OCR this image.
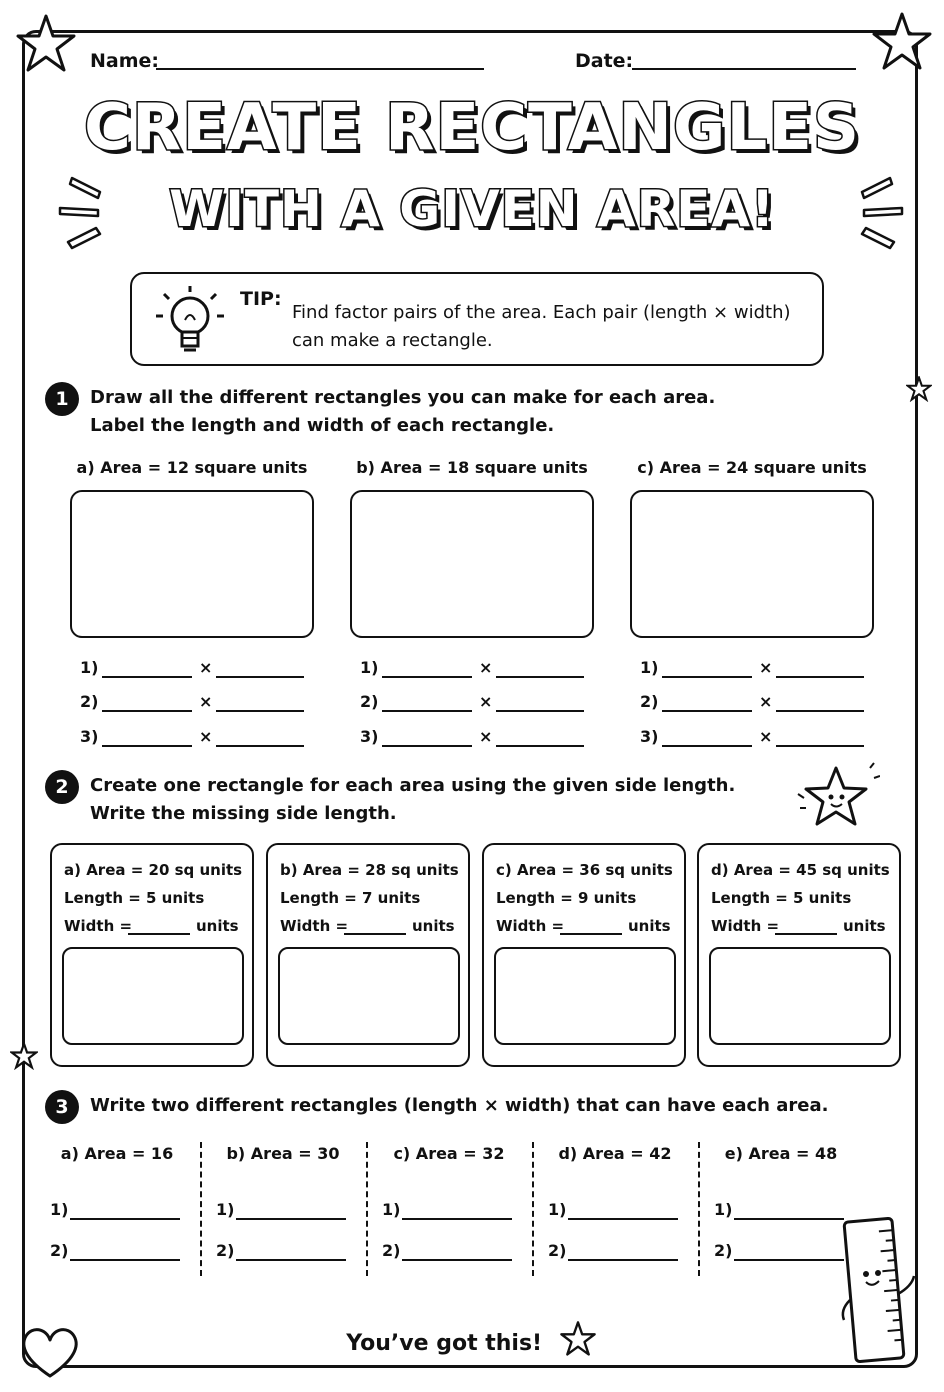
Name:	Date:
CREATE RECTANGLES
WITH A GIVEN AREA!
TIP:
Find factor pairs of the area. Each pair (length × width)
can make a rectangle.
1	Draw all the different rectangles you can make for each area.
Label the length and width of each rectangle.
a) Area = 12 square units	b) Area = 18 square units	c) Area = 24 square units
1)	×
2)	×
3)	×
1)	×
2)	×
3)	×
1)	×
2)	×
3)	×
2	Create one rectangle for each area using the given side length.
Write the missing side length.
a) Area = 20 sq units
Length = 5 units
Width =	units
b) Area = 28 sq units
Length = 7 units
Width =	units
c) Area = 36 sq units
Length = 9 units
Width =	units
d) Area = 45 sq units
Length = 5 units
Width =	units
3	Write two different rectangles (length × width) that can have each area.
a) Area = 16
1)
2)
b) Area = 30
1)
2)
c) Area = 32
1)
2)
d) Area = 42
1)
2)
e) Area = 48
1)
2)
You’ve got this!
